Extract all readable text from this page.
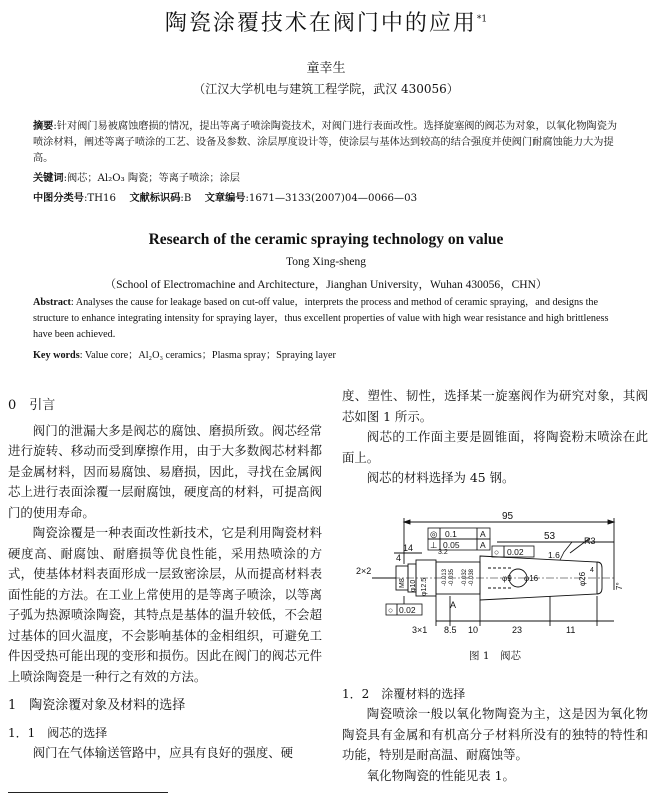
陶瓷涂覆技术在阀门中的应用$^{*1}$
童幸生
（江汉大学机电与建筑工程学院，武汉 430056）
摘要:针对阀门易被腐蚀磨损的情况，提出等离子喷涂陶瓷技术，对阀门进行表面改性。选择旋塞阀的阀芯为对象，以氧化物陶瓷为喷涂材料，阐述等离子喷涂的工艺、设备及参数、涂层厚度设计等，使涂层与基体达到较高的结合强度并使阀门耐腐蚀能力大为提高。
关键词:阀芯；Al₂O₃ 陶瓷；等离子喷涂；涂层
中图分类号:TH16  文献标识码:B  文章编号:1671—3133(2007)04—0066—03
Research of the ceramic spraying technology on value
Tong Xing-sheng
（School of Electromachine and Architecture，Jianghan University，Wuhan 430056，CHN）
Abstract: Analyses the cause for leakage based on cut-off value，interprets the process and method of ceramic spraying，and designs the structure to enhance integrating intensity for spraying layer，thus excellent properties of value with high wear resistance and high brittleness have been achieved.
Key words: Value core；Al₂O₃ ceramics；Plasma spray；Spraying layer
0　引言

阀门的泄漏大多是阀芯的腐蚀、磨损所致。阀芯经常进行旋转、移动而受到摩擦作用，由于大多数阀芯材料都是金属材料，因而易腐蚀、易磨损，因此，寻找在金属阀芯上进行表面涂覆一层耐腐蚀，硬度高的材料，可提高阀门的使用寿命。

陶瓷涂覆是一种表面改性新技术，它是利用陶瓷材料硬度高、耐腐蚀、耐磨损等优良性能，采用热喷涂的方式，使基体材料表面形成一层致密涂层，从而提高材料表面性能的方法。在工业上常使用的是等离子喷涂，以等离子弧为热源喷涂陶瓷，其特点是基体的温升较低，不会超过基体的回火温度，不会影响基体的金相组织，可避免工件因受热可能出现的变形和损伤。因此在阀门的阀芯元件上喷涂陶瓷是一种行之有效的方法。

1　陶瓷涂覆对象及材料的选择
1．1　阀芯的选择

阀门在气体输送管路中，应具有良好的强度、硬

度、塑性、韧性，选择某一旋塞阀作为研究对象，其阀芯如图 1 所示。

阀芯的工作面主要是圆锥面，将陶瓷粉末喷涂在此面上。

阀芯的材料选择为 45 钢。

95
53
◎ 0.1	A
⊥ 0.05 A
○ 0.02	1.6
R3
14
4
2×2
M8 φ10 φ12.5
-0.013 -0.035 -0.032 -0.038	φ9 φ16	φ26
4
7°
○ 0.02
3×1 8.5 10	23	11
A
3.2
图 1　阀芯
1．2　涂覆材料的选择

陶瓷喷涂一般以氧化物陶瓷为主，这是因为氧化物陶瓷具有金属和有机高分子材料所没有的独特的特性和功能，特别是耐高温、耐腐蚀等。

氧化物陶瓷的性能见表 1。
